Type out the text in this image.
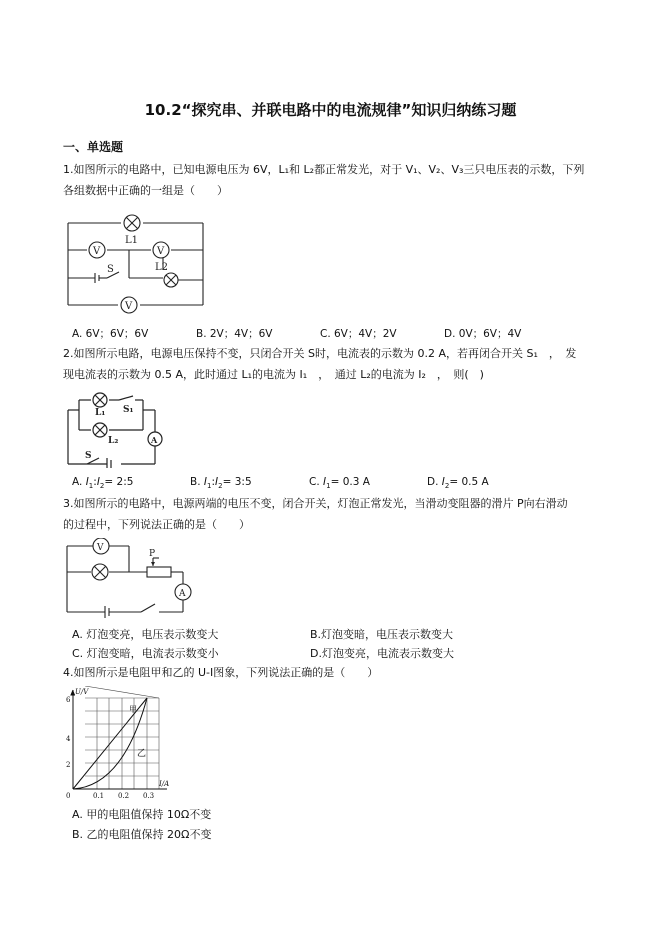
10.2“探究串、并联电路中的电流规律”知识归纳练习题
一、单选题
1.如图所示的电路中，已知电源电压为 6V，L₁和 L₂都正常发光，对于 V₁、V₂、V₃三只电压表的示数，下列
各组数据中正确的一组是（　　）
V	V
V
L1
L2
S
A. 6V；6V；6V	B. 2V；4V；6V	C. 6V；4V；2V	D. 0V；6V；4V
2.如图所示电路，电源电压保持不变，只闭合开关 S时，电流表的示数为 0.2 A，若再闭合开关 S₁　，　发
现电流表的示数为 0.5 A，此时通过 L₁的电流为 I₁　，　通过 L₂的电流为 I₂　，　则(　)
L₁ S₁
L₂
S
A
A. $I_1:I_2=$ 2:5	B. $I_1:I_2=$ 3:5	C. $I_1= 0.3$ A	D. $I_2= 0.5$ A
3.如图所示的电路中，电源两端的电压不变，闭合开关，灯泡正常发光，当滑动变阻器的滑片 P向右滑动
的过程中，下列说法正确的是（　　）
V
P
A
A. 灯泡变亮，电压表示数变大	B.灯泡变暗，电压表示数变大
C. 灯泡变暗，电流表示数变小	D.灯泡变亮，电流表示数变大
4.如图所示是电阻甲和乙的 U-I图象，下列说法正确的是（　　）
U/V
I/A
0
2
4
6
0.1 0.2 0.3
甲
乙
A. 甲的电阻值保持 10Ω不变
B. 乙的电阻值保持 20Ω不变
